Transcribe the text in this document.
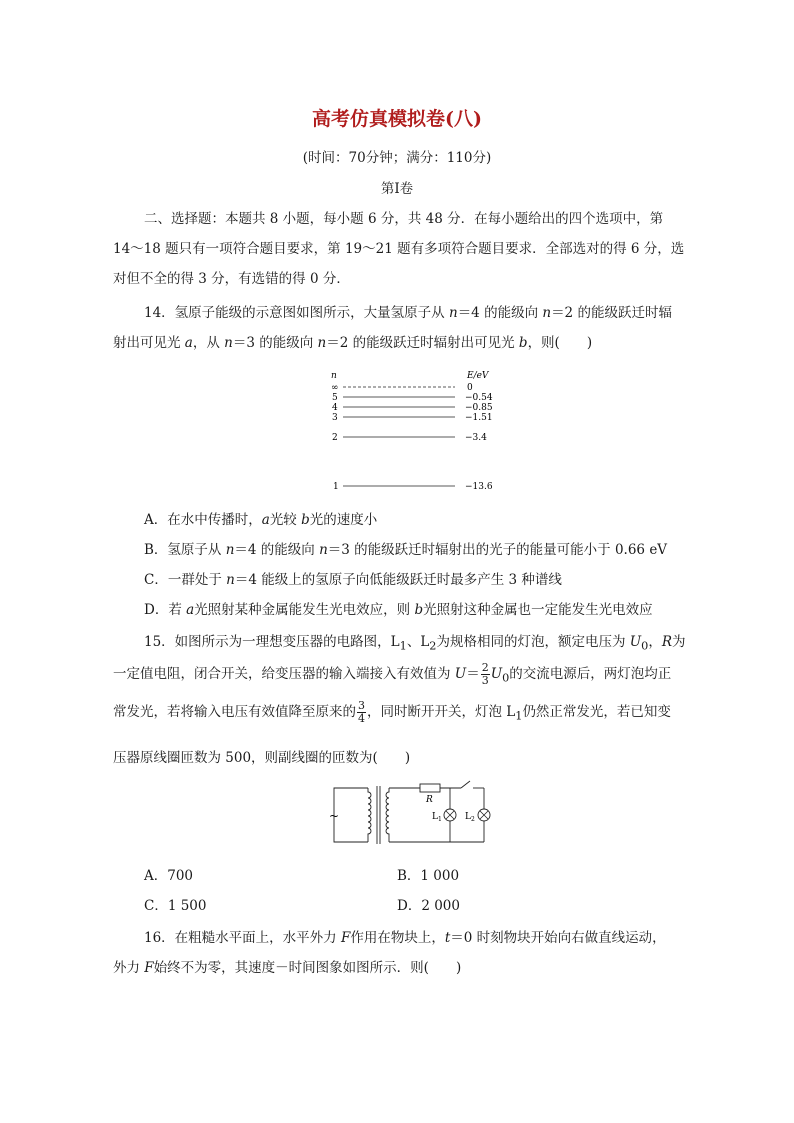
高考仿真模拟卷(八)
(时间：70分钟；满分：110分)
第Ⅰ卷
二、选择题：本题共 8 小题，每小题 6 分，共 48 分．在每小题给出的四个选项中，第
14～18 题只有一项符合题目要求，第 19～21 题有多项符合题目要求．全部选对的得 6 分，选
对但不全的得 3 分，有选错的得 0 分．
14．氢原子能级的示意图如图所示，大量氢原子从 n＝4 的能级向 n＝2 的能级跃迁时辐
射出可见光 a，从 n＝3 的能级向 n＝2 的能级跃迁时辐射出可见光 b，则(　　)
n	E/eV
∞	0
5	−0.54
4	−0.85
3	−1.51
2	−3.4
1	−13.6
A．在水中传播时，a光较 b光的速度小
B．氢原子从 n＝4 的能级向 n＝3 的能级跃迁时辐射出的光子的能量可能小于 0.66 eV
C．一群处于 n＝4 能级上的氢原子向低能级跃迁时最多产生 3 种谱线
D．若 a光照射某种金属能发生光电效应，则 b光照射这种金属也一定能发生光电效应
15．如图所示为一理想变压器的电路图，$L_1$、$L_2$为规格相同的灯泡，额定电压为 $U_0$，R为
一定值电阻，闭合开关，给变压器的输入端接入有效值为 $U= \frac{2}{3} U_0$的交流电源后，两灯泡均正
常发光，若将输入电压有效值降至原来的 $\frac{3}{4}$ ，同时断开开关，灯泡 $L_1$仍然正常发光，若已知变
压器原线圈匝数为 500，则副线圈的匝数为(　　)
~
R
$L_1$	$L_2$
A．700	B．1 000
C．1 500	D．2 000
16．在粗糙水平面上，水平外力 F作用在物块上，t＝0 时刻物块开始向右做直线运动，
外力 F始终不为零，其速度－时间图象如图所示．则(　　)
